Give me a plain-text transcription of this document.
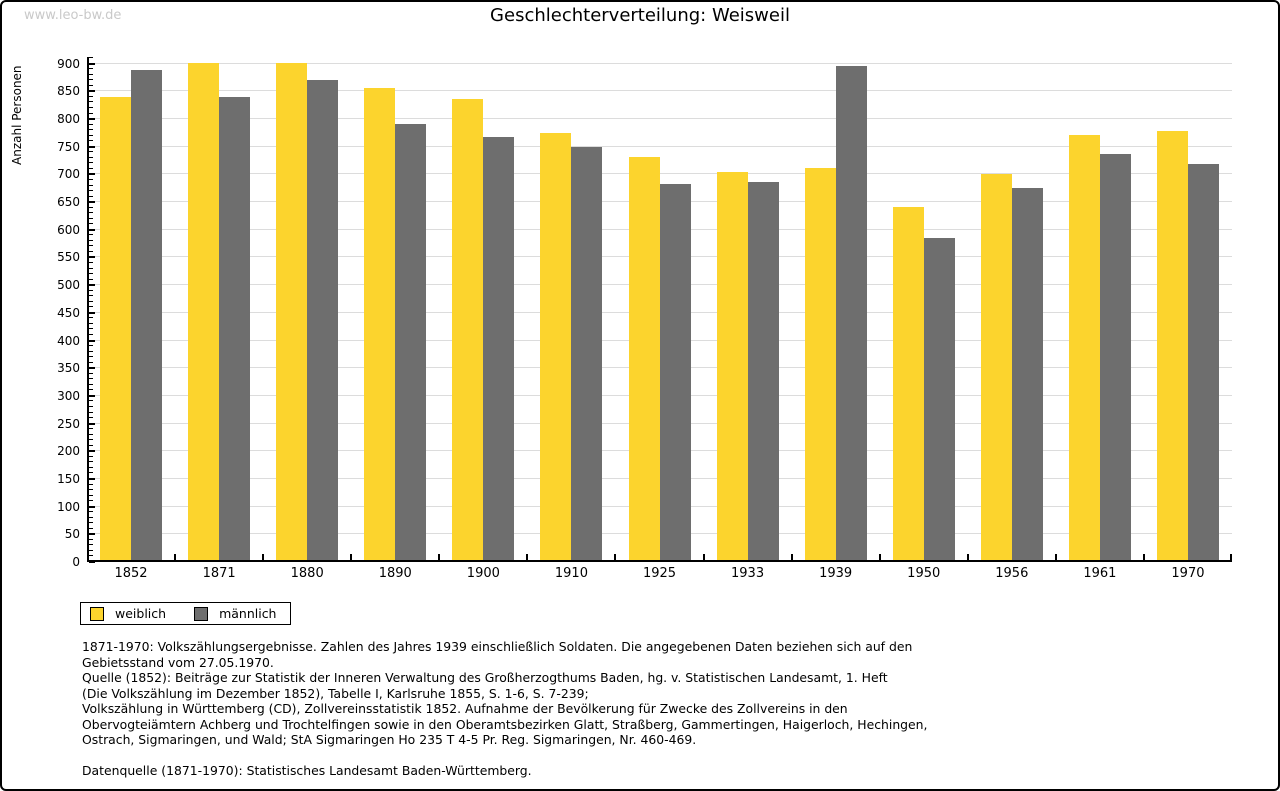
www.leo-bw.de	Geschlechterverteilung: Weisweil
Anzahl Personen
0
50
100
150
200
250
300
350
400
450
500
550
600
650
700
750
800
850
900
1852	1871	1880	1890	1900	1910	1925	1933	1939	1950	1956	1961	1970
weiblich	männlich
1871-1970: Volkszählungsergebnisse. Zahlen des Jahres 1939 einschließlich Soldaten. Die angegebenen Daten beziehen sich auf den
Gebietsstand vom 27.05.1970.
Quelle (1852): Beiträge zur Statistik der Inneren Verwaltung des Großherzogthums Baden, hg. v. Statistischen Landesamt, 1. Heft
(Die Volkszählung im Dezember 1852), Tabelle I, Karlsruhe 1855, S. 1-6, S. 7-239;
Volkszählung in Württemberg (CD), Zollvereinsstatistik 1852. Aufnahme der Bevölkerung für Zwecke des Zollvereins in den
Obervogteiämtern Achberg und Trochtelfingen sowie in den Oberamtsbezirken Glatt, Straßberg, Gammertingen, Haigerloch, Hechingen,
Ostrach, Sigmaringen, und Wald; StA Sigmaringen Ho 235 T 4-5 Pr. Reg. Sigmaringen, Nr. 460-469.
Datenquelle (1871-1970): Statistisches Landesamt Baden-Württemberg.
